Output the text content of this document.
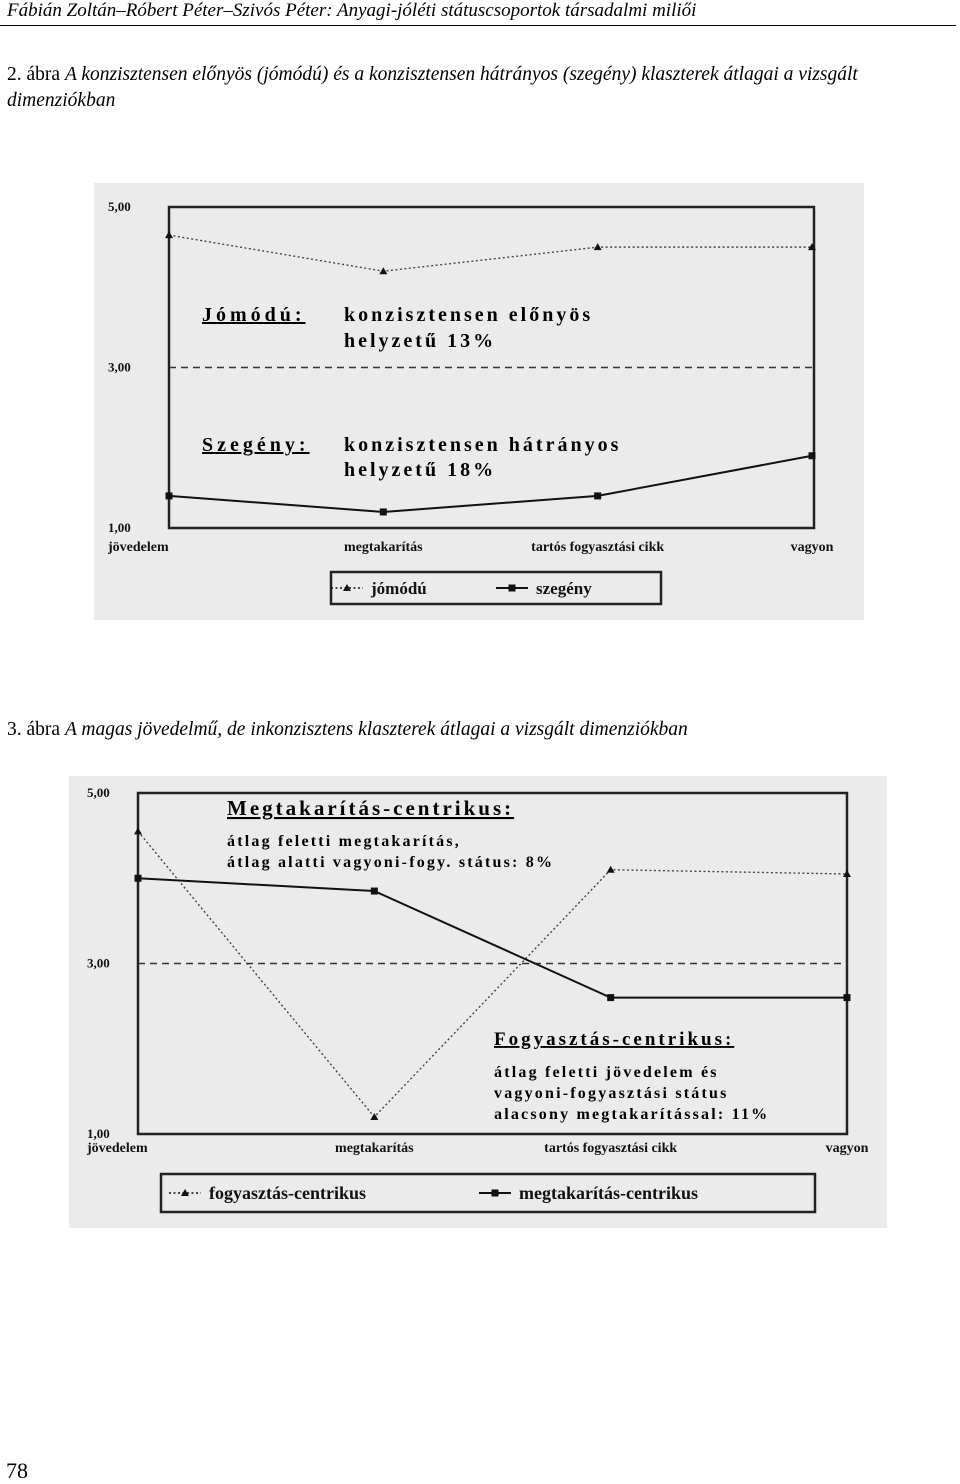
Fábián Zoltán–Róbert Péter–Szivós Péter: Anyagi-jóléti státuscsoportok társadalmi miliői
2. ábra A konzisztensen előnyös (jómódú) és a konzisztensen hátrányos (szegény) klaszterek átlagai a vizsgált dimenziókban
1,00
3,00
5,00
jövedelem	megtakarítás	tartós fogyasztási cikk	vagyon
jómódú	szegény
Jómódú: konzisztensen előnyös
helyzetű 13%
Szegény: konzisztensen hátrányos
helyzetű 18%
3. ábra A magas jövedelmű, de inkonzisztens klaszterek átlagai a vizsgált dimenziókban
1,00
3,00
5,00
jövedelem	megtakarítás	tartós fogyasztási cikk	vagyon
fogyasztás-centrikus	megtakarítás-centrikus
Megtakarítás-centrikus:
átlag feletti megtakarítás,
átlag alatti vagyoni-fogy. státus: 8%
Fogyasztás-centrikus:
átlag feletti jövedelem és
vagyoni-fogyasztási státus
alacsony megtakarítással: 11%
78
